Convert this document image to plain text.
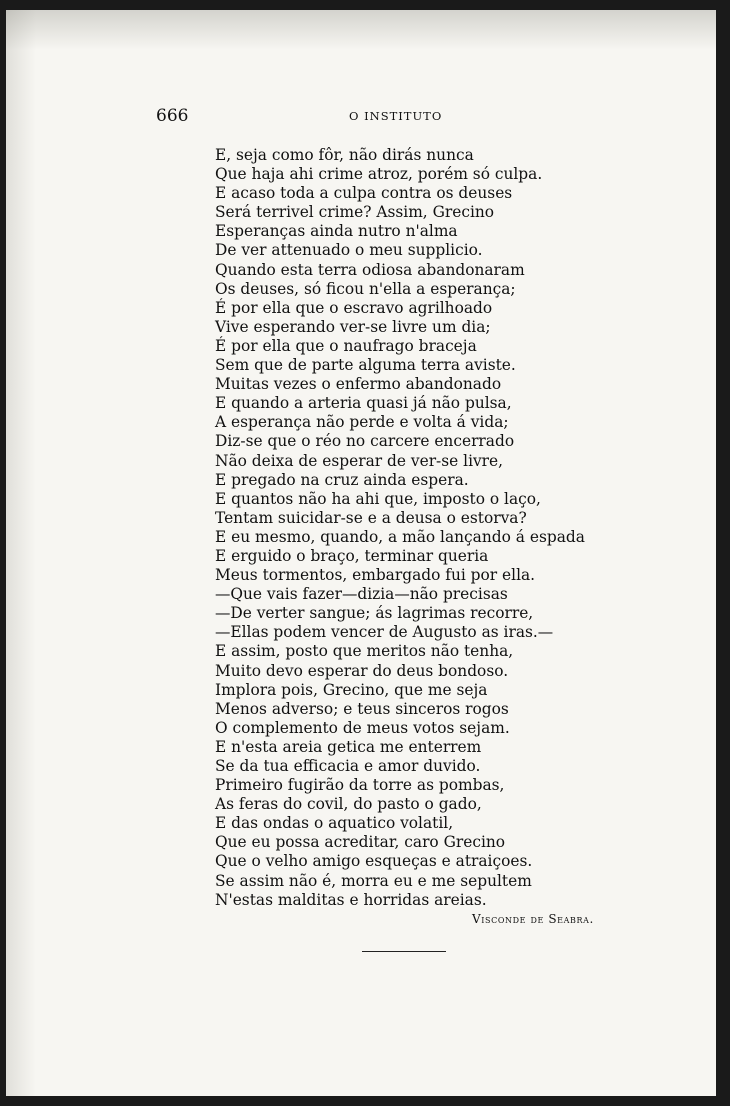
666	O INSTITUTO
E, seja como fôr, não dirás nunca
Que haja ahi crime atroz, porém só culpa.
E acaso toda a culpa contra os deuses
Será terrivel crime? Assim, Grecino
Esperanças ainda nutro n'alma
De ver attenuado o meu supplicio.
Quando esta terra odiosa abandonaram
Os deuses, só ficou n'ella a esperança;
É por ella que o escravo agrilhoado
Vive esperando ver-se livre um dia;
É por ella que o naufrago braceja
Sem que de parte alguma terra aviste.
Muitas vezes o enfermo abandonado
E quando a arteria quasi já não pulsa,
A esperança não perde e volta á vida;
Diz-se que o réo no carcere encerrado
Não deixa de esperar de ver-se livre,
E pregado na cruz ainda espera.
E quantos não ha ahi que, imposto o laço,
Tentam suicidar-se e a deusa o estorva?
E eu mesmo, quando, a mão lançando á espada
E erguido o braço, terminar queria
Meus tormentos, embargado fui por ella.
—Que vais fazer—dizia—não precisas
—De verter sangue; ás lagrimas recorre,
—Ellas podem vencer de Augusto as iras.—
E assim, posto que meritos não tenha,
Muito devo esperar do deus bondoso.
Implora pois, Grecino, que me seja
Menos adverso; e teus sinceros rogos
O complemento de meus votos sejam.
E n'esta areia getica me enterrem
Se da tua efficacia e amor duvido.
Primeiro fugirão da torre as pombas,
As feras do covil, do pasto o gado,
E das ondas o aquatico volatil,
Que eu possa acreditar, caro Grecino
Que o velho amigo esqueças e atraiçoes.
Se assim não é, morra eu e me sepultem
N'estas malditas e horridas areias.
Visconde de Seabra.
